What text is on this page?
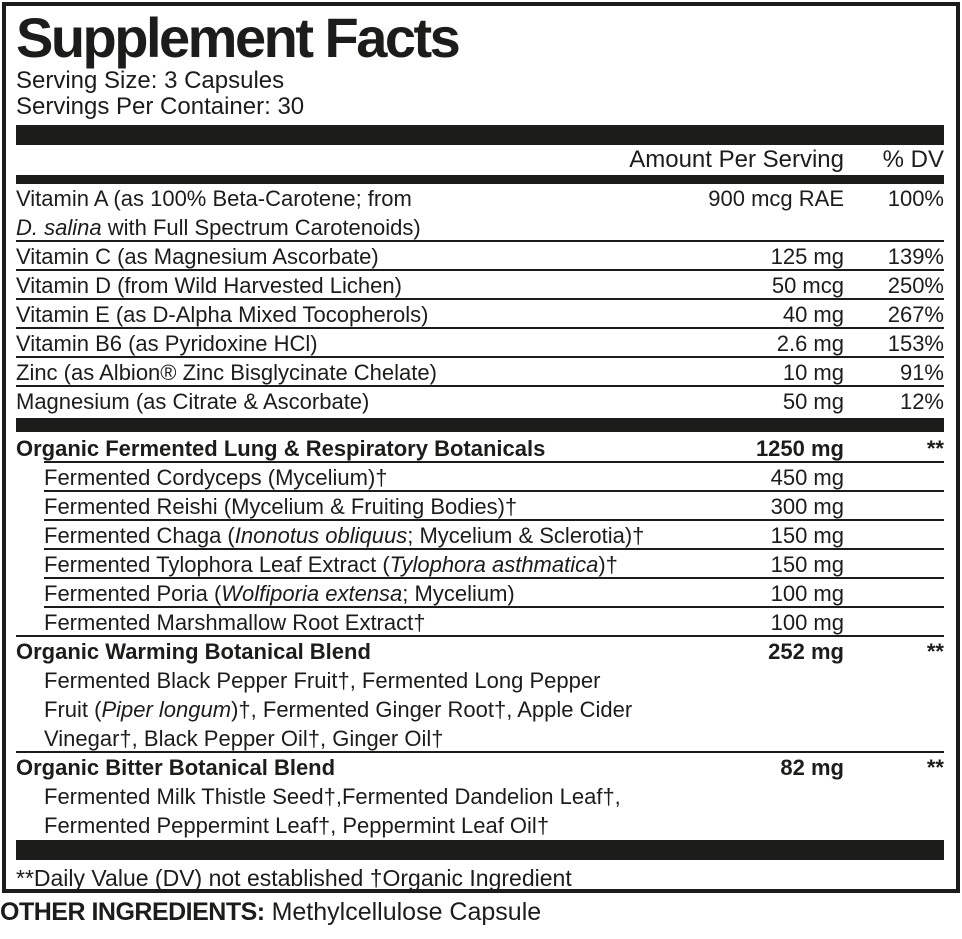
Supplement Facts
Serving Size: 3 Capsules
Servings Per Container: 30
Amount Per Serving	% DV
Vitamin A (as 100% Beta-Carotene; from
D. salina with Full Spectrum Carotenoids)
900 mcg RAE	100%
Vitamin C (as Magnesium Ascorbate)	125 mg	139%
Vitamin D (from Wild Harvested Lichen)	50 mcg	250%
Vitamin E (as D-Alpha Mixed Tocopherols)	40 mg	267%
Vitamin B6 (as Pyridoxine HCl)	2.6 mg	153%
Zinc (as Albion® Zinc Bisglycinate Chelate)	10 mg	91%
Magnesium (as Citrate & Ascorbate)	50 mg	12%
Organic Fermented Lung & Respiratory Botanicals	1250 mg	**
Fermented Cordyceps (Mycelium)†	450 mg
Fermented Reishi (Mycelium & Fruiting Bodies)†	300 mg
Fermented Chaga (Inonotus obliquus; Mycelium & Sclerotia)†	150 mg
Fermented Tylophora Leaf Extract (Tylophora asthmatica)†	150 mg
Fermented Poria (Wolfiporia extensa; Mycelium)	100 mg
Fermented Marshmallow Root Extract†	100 mg
Organic Warming Botanical Blend	252 mg	**
Fermented Black Pepper Fruit†, Fermented Long Pepper
Fruit (Piper longum)†, Fermented Ginger Root†, Apple Cider
Vinegar†, Black Pepper Oil†, Ginger Oil†
Organic Bitter Botanical Blend	82 mg	**
Fermented Milk Thistle Seed†,Fermented Dandelion Leaf†,
Fermented Peppermint Leaf†, Peppermint Leaf Oil†
**Daily Value (DV) not established †Organic Ingredient
OTHER INGREDIENTS: Methylcellulose Capsule
